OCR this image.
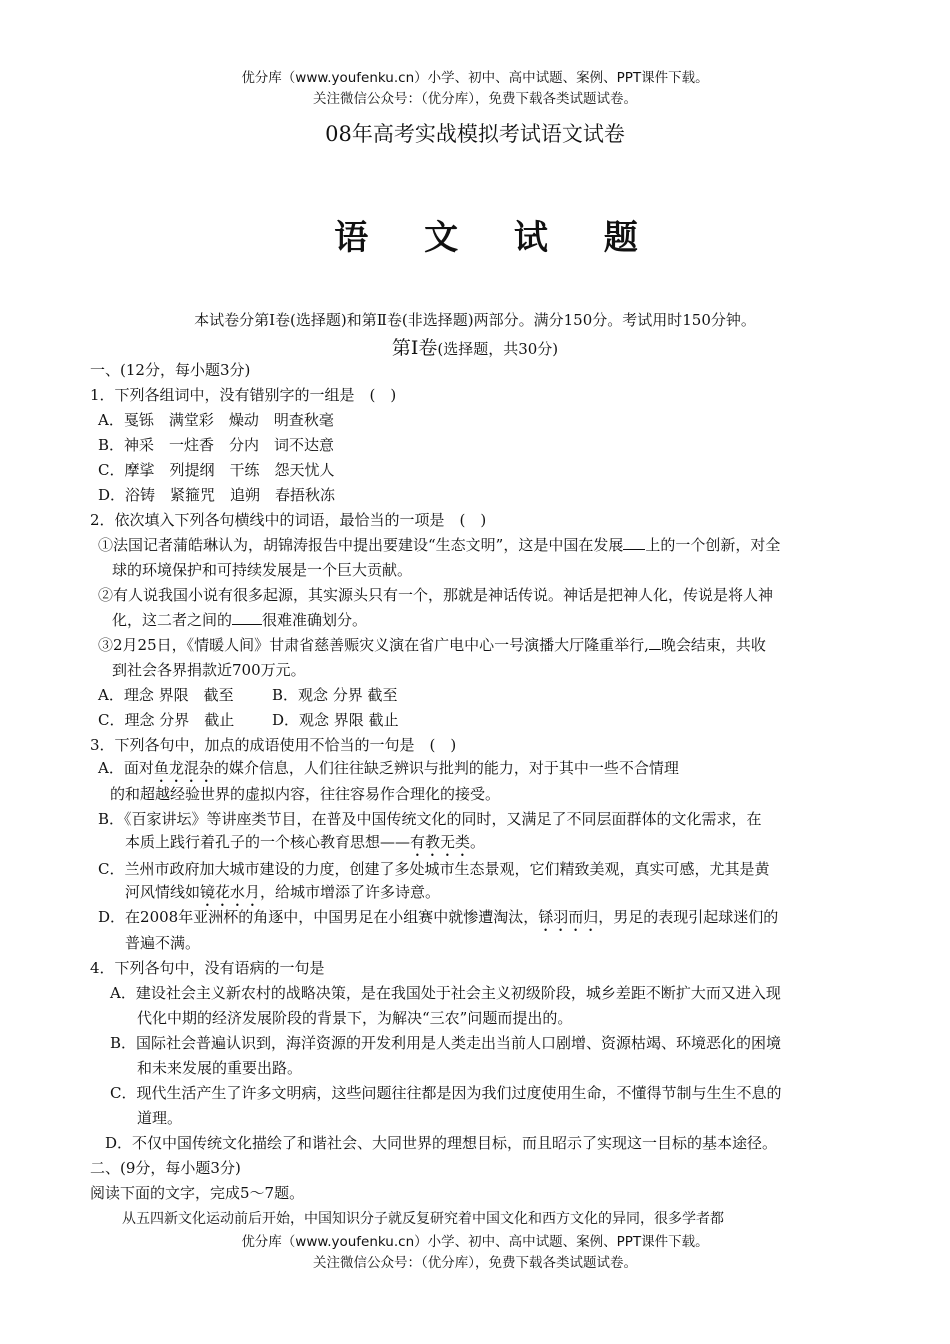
优分库（www.youfenku.cn）小学、初中、高中试题、案例、PPT课件下载。
关注微信公众号：（优分库），免费下载各类试题试卷。
08年高考实战模拟考试语文试卷
语 文 试 题
本试卷分第Ⅰ卷(选择题)和第Ⅱ卷(非选择题)两部分。满分150分。考试用时150分钟。
第Ⅰ卷(选择题，共30分)
一、(12分，每小题3分)
1．下列各组词中，没有错别字的一组是　(　)
A．戛铄　满堂彩　燥动　明查秋毫
B．神采　一炷香　分内　词不达意
C．摩挲　列提纲　干练　怨天忧人
D．浴铸　紧箍咒　追朔　春捂秋冻
2．依次填入下列各句横线中的词语，最恰当的一项是　(　)
①法国记者蒲皓琳认为，胡锦涛报告中提出要建设“生态文明”，这是中国在发展 上的一个创新，对全
球的环境保护和可持续发展是一个巨大贡献。
②有人说我国小说有很多起源，其实源头只有一个，那就是神话传说。神话是把神人化，传说是将人神
化，这二者之间的 很难准确划分。
③2月25日，《情暖人间》甘肃省慈善赈灾义演在省广电中心一号演播大厅隆重举行, 晚会结束，共收
到社会各界捐款近700万元。
A．理念 界限　截至	B．观念 分界 截至
C．理念 分界　截止	D．观念 界限 截止
3．下列各句中，加点的成语使用不恰当的一句是　(　)
A．面对鱼龙混杂的媒介信息，人们往往缺乏辨识与批判的能力，对于其中一些不合情理
的和超越经验世界的虚拟内容，往往容易作合理化的接受。
B．《百家讲坛》等讲座类节目，在普及中国传统文化的同时，又满足了不同层面群体的文化需求，在
本质上践行着孔子的一个核心教育思想——有教无类。
C．兰州市政府加大城市建设的力度，创建了多处城市生态景观，它们精致美观，真实可感，尤其是黄
河风情线如镜花水月，给城市增添了许多诗意。
D．在2008年亚洲杯的角逐中，中国男足在小组赛中就惨遭淘汰，铩羽而归，男足的表现引起球迷们的
普遍不满。
4．下列各句中，没有语病的一句是
A．建设社会主义新农村的战略决策，是在我国处于社会主义初级阶段，城乡差距不断扩大而又进入现
代化中期的经济发展阶段的背景下，为解决“三农”问题而提出的。
B．国际社会普遍认识到，海洋资源的开发利用是人类走出当前人口剧增、资源枯竭、环境恶化的困境
和未来发展的重要出路。
C．现代生活产生了许多文明病，这些问题往往都是因为我们过度使用生命，不懂得节制与生生不息的
道理。
D．不仅中国传统文化描绘了和谐社会、大同世界的理想目标，而且昭示了实现这一目标的基本途径。
二、(9分，每小题3分)
阅读下面的文字，完成5～7题。
从五四新文化运动前后开始，中国知识分子就反复研究着中国文化和西方文化的异同，很多学者都
优分库（www.youfenku.cn）小学、初中、高中试题、案例、PPT课件下载。
关注微信公众号：（优分库），免费下载各类试题试卷。
